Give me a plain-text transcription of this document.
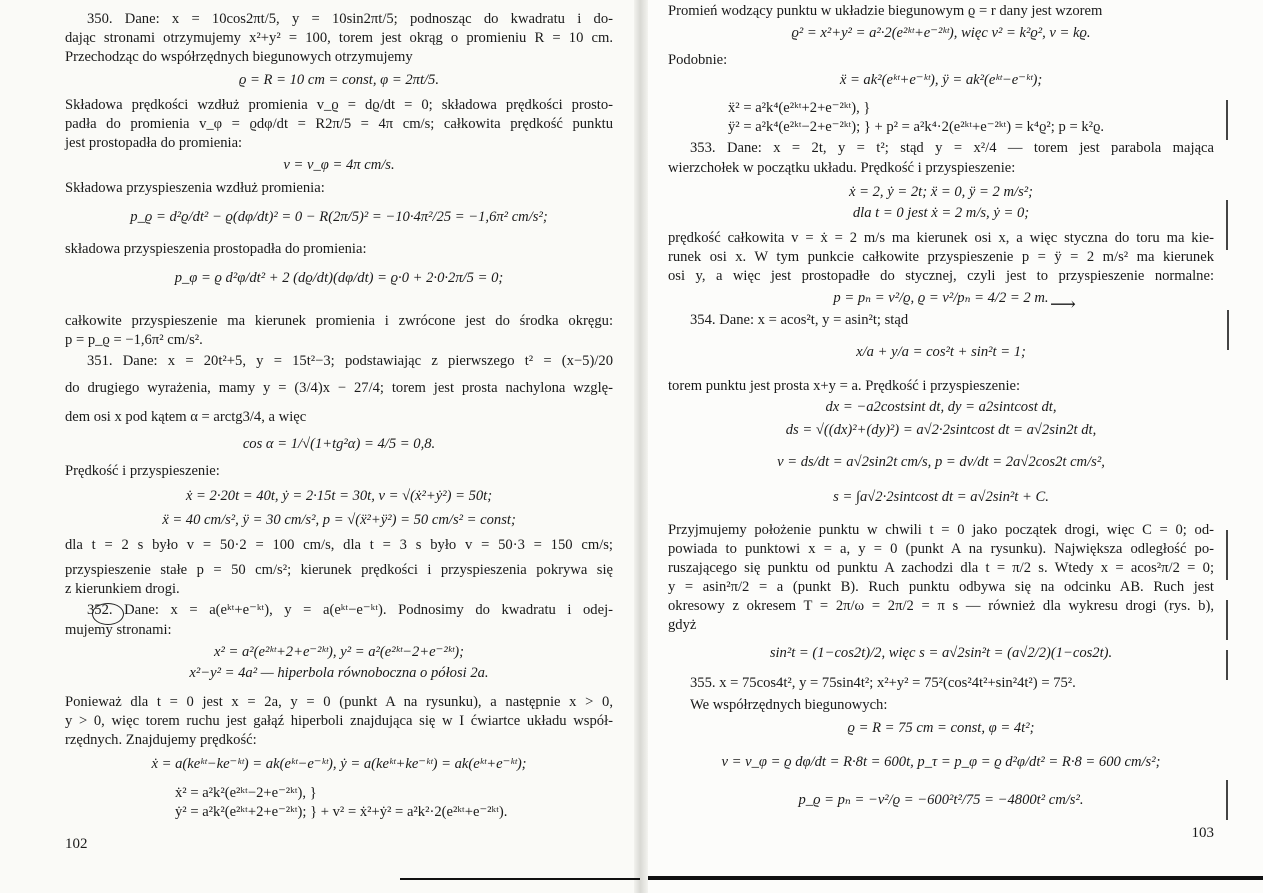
350. Dane: x = 10cos2πt/5, y = 10sin2πt/5; podnosząc do kwadratu i do-
dając stronami otrzymujemy x²+y² = 100, torem jest okrąg o promieniu R = 10 cm.
Przechodząc do współrzędnych biegunowych otrzymujemy
ϱ = R = 10 cm = const, φ = 2πt/5.
Składowa prędkości wzdłuż promienia v_ϱ = dϱ/dt = 0; składowa prędkości prosto-
padła do promienia v_φ = ϱdφ/dt = R2π/5 = 4π cm/s; całkowita prędkość punktu
jest prostopadła do promienia:
v = v_φ = 4π cm/s.
Składowa przyspieszenia wzdłuż promienia:
p_ϱ = d²ϱ/dt² − ϱ(dφ/dt)² = 0 − R(2π/5)² = −10·4π²/25 = −1,6π² cm/s²;
składowa przyspieszenia prostopadła do promienia:
p_φ = ϱ d²φ/dt² + 2 (dϱ/dt)(dφ/dt) = ϱ·0 + 2·0·2π/5 = 0;
całkowite przyspieszenie ma kierunek promienia i zwrócone jest do środka okręgu:
p = p_ϱ = −1,6π² cm/s².
351. Dane: x = 20t²+5, y = 15t²−3; podstawiając z pierwszego t² = (x−5)/20
do drugiego wyrażenia, mamy y = (3/4)x − 27/4; torem jest prosta nachylona wzglę-
dem osi x pod kątem α = arctg3/4, a więc
cos α = 1/√(1+tg²α) = 4/5 = 0,8.
Prędkość i przyspieszenie:
ẋ = 2·20t = 40t, ẏ = 2·15t = 30t, v = √(ẋ²+ẏ²) = 50t;
ẍ = 40 cm/s², ÿ = 30 cm/s², p = √(ẍ²+ÿ²) = 50 cm/s² = const;
dla t = 2 s było v = 50·2 = 100 cm/s, dla t = 3 s było v = 50·3 = 150 cm/s;
przyspieszenie stałe p = 50 cm/s²; kierunek prędkości i przyspieszenia pokrywa się
z kierunkiem drogi.
352. Dane: x = a(eᵏᵗ+e⁻ᵏᵗ), y = a(eᵏᵗ−e⁻ᵏᵗ). Podnosimy do kwadratu i odej-
mujemy stronami:
x² = a²(e²ᵏᵗ+2+e⁻²ᵏᵗ), y² = a²(e²ᵏᵗ−2+e⁻²ᵏᵗ);
x²−y² = 4a² — hiperbola równoboczna o półosi 2a.
Ponieważ dla t = 0 jest x = 2a, y = 0 (punkt A na rysunku), a następnie x > 0,
y > 0, więc torem ruchu jest gałąź hiperboli znajdująca się w I ćwiartce układu współ-
rzędnych. Znajdujemy prędkość:
ẋ = a(keᵏᵗ−ke⁻ᵏᵗ) = ak(eᵏᵗ−e⁻ᵏᵗ), ẏ = a(keᵏᵗ+ke⁻ᵏᵗ) = ak(eᵏᵗ+e⁻ᵏᵗ);
ẋ² = a²k²(e²ᵏᵗ−2+e⁻²ᵏᵗ), }
ẏ² = a²k²(e²ᵏᵗ+2+e⁻²ᵏᵗ); } + v² = ẋ²+ẏ² = a²k²·2(e²ᵏᵗ+e⁻²ᵏᵗ).
102
Promień wodzący punktu w układzie biegunowym ϱ = r dany jest wzorem
ϱ² = x²+y² = a²·2(e²ᵏᵗ+e⁻²ᵏᵗ), więc v² = k²ϱ², v = kϱ.
Podobnie:
ẍ = ak²(eᵏᵗ+e⁻ᵏᵗ), ÿ = ak²(eᵏᵗ−e⁻ᵏᵗ);
ẍ² = a²k⁴(e²ᵏᵗ+2+e⁻²ᵏᵗ), }
ÿ² = a²k⁴(e²ᵏᵗ−2+e⁻²ᵏᵗ); } + p² = a²k⁴·2(e²ᵏᵗ+e⁻²ᵏᵗ) = k⁴ϱ²; p = k²ϱ.
353. Dane: x = 2t, y = t²; stąd y = x²/4 — torem jest parabola mająca
wierzchołek w początku układu. Prędkość i przyspieszenie:
ẋ = 2, ẏ = 2t; ẍ = 0, ÿ = 2 m/s²;
dla t = 0 jest ẋ = 2 m/s, ẏ = 0;
prędkość całkowita v = ẋ = 2 m/s ma kierunek osi x, a więc styczna do toru ma kie-
runek osi x. W tym punkcie całkowite przyspieszenie p = ÿ = 2 m/s² ma kierunek
osi y, a więc jest prostopadłe do stycznej, czyli jest to przyspieszenie normalne:
p = pₙ = v²/ϱ, ϱ = v²/pₙ = 4/2 = 2 m.
354. Dane: x = acos²t, y = asin²t; stąd
x/a + y/a = cos²t + sin²t = 1;
torem punktu jest prosta x+y = a. Prędkość i przyspieszenie:
dx = −a2costsint dt, dy = a2sintcost dt,
ds = √((dx)²+(dy)²) = a√2·2sintcost dt = a√2sin2t dt,
v = ds/dt = a√2sin2t cm/s, p = dv/dt = 2a√2cos2t cm/s²,
s = ∫a√2·2sintcost dt = a√2sin²t + C.
Przyjmujemy położenie punktu w chwili t = 0 jako początek drogi, więc C = 0; od-
powiada to punktowi x = a, y = 0 (punkt A na rysunku). Największa odległość po-
ruszającego się punktu od punktu A zachodzi dla t = π/2 s. Wtedy x = acos²π/2 = 0;
y = asin²π/2 = a (punkt B). Ruch punktu odbywa się na odcinku AB. Ruch jest
okresowy z okresem T = 2π/ω = 2π/2 = π s — również dla wykresu drogi (rys. b),
gdyż
sin²t = (1−cos2t)/2, więc s = a√2sin²t = (a√2/2)(1−cos2t).
355. x = 75cos4t², y = 75sin4t²; x²+y² = 75²(cos²4t²+sin²4t²) = 75².
We współrzędnych biegunowych:
ϱ = R = 75 cm = const, φ = 4t²;
v = v_φ = ϱ dφ/dt = R·8t = 600t, p_τ = p_φ = ϱ d²φ/dt² = R·8 = 600 cm/s²;
p_ϱ = pₙ = −v²/ϱ = −600²t²/75 = −4800t² cm/s².
103
⟶
